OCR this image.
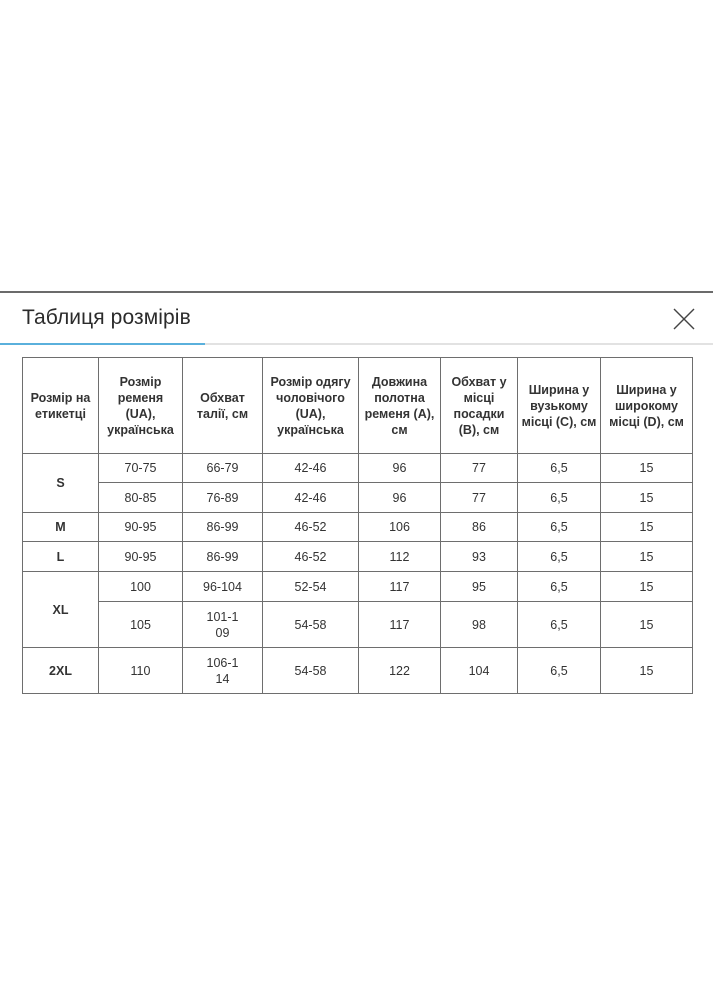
Таблиця розмірів
Розмір на етикетці	Розмір ременя (UA), українська	Обхват талії, см	Розмір одягу чоловічого (UA), українська	Довжина полотна ременя (A), см	Обхват у місці посадки (B), см	Ширина у вузькому місці (C), см	Ширина у широкому місці (D), см
S	70-75	66-79	42-46	96	77	6,5	15
	80-85	76-89	42-46	96	77	6,5	15
M	90-95	86-99	46-52	106	86	6,5	15
L	90-95	86-99	46-52	112	93	6,5	15
XL	100	96-104	52-54	117	95	6,5	15
	105	101-109	54-58	117	98	6,5	15
2XL	110	106-114	54-58	122	104	6,5	15
